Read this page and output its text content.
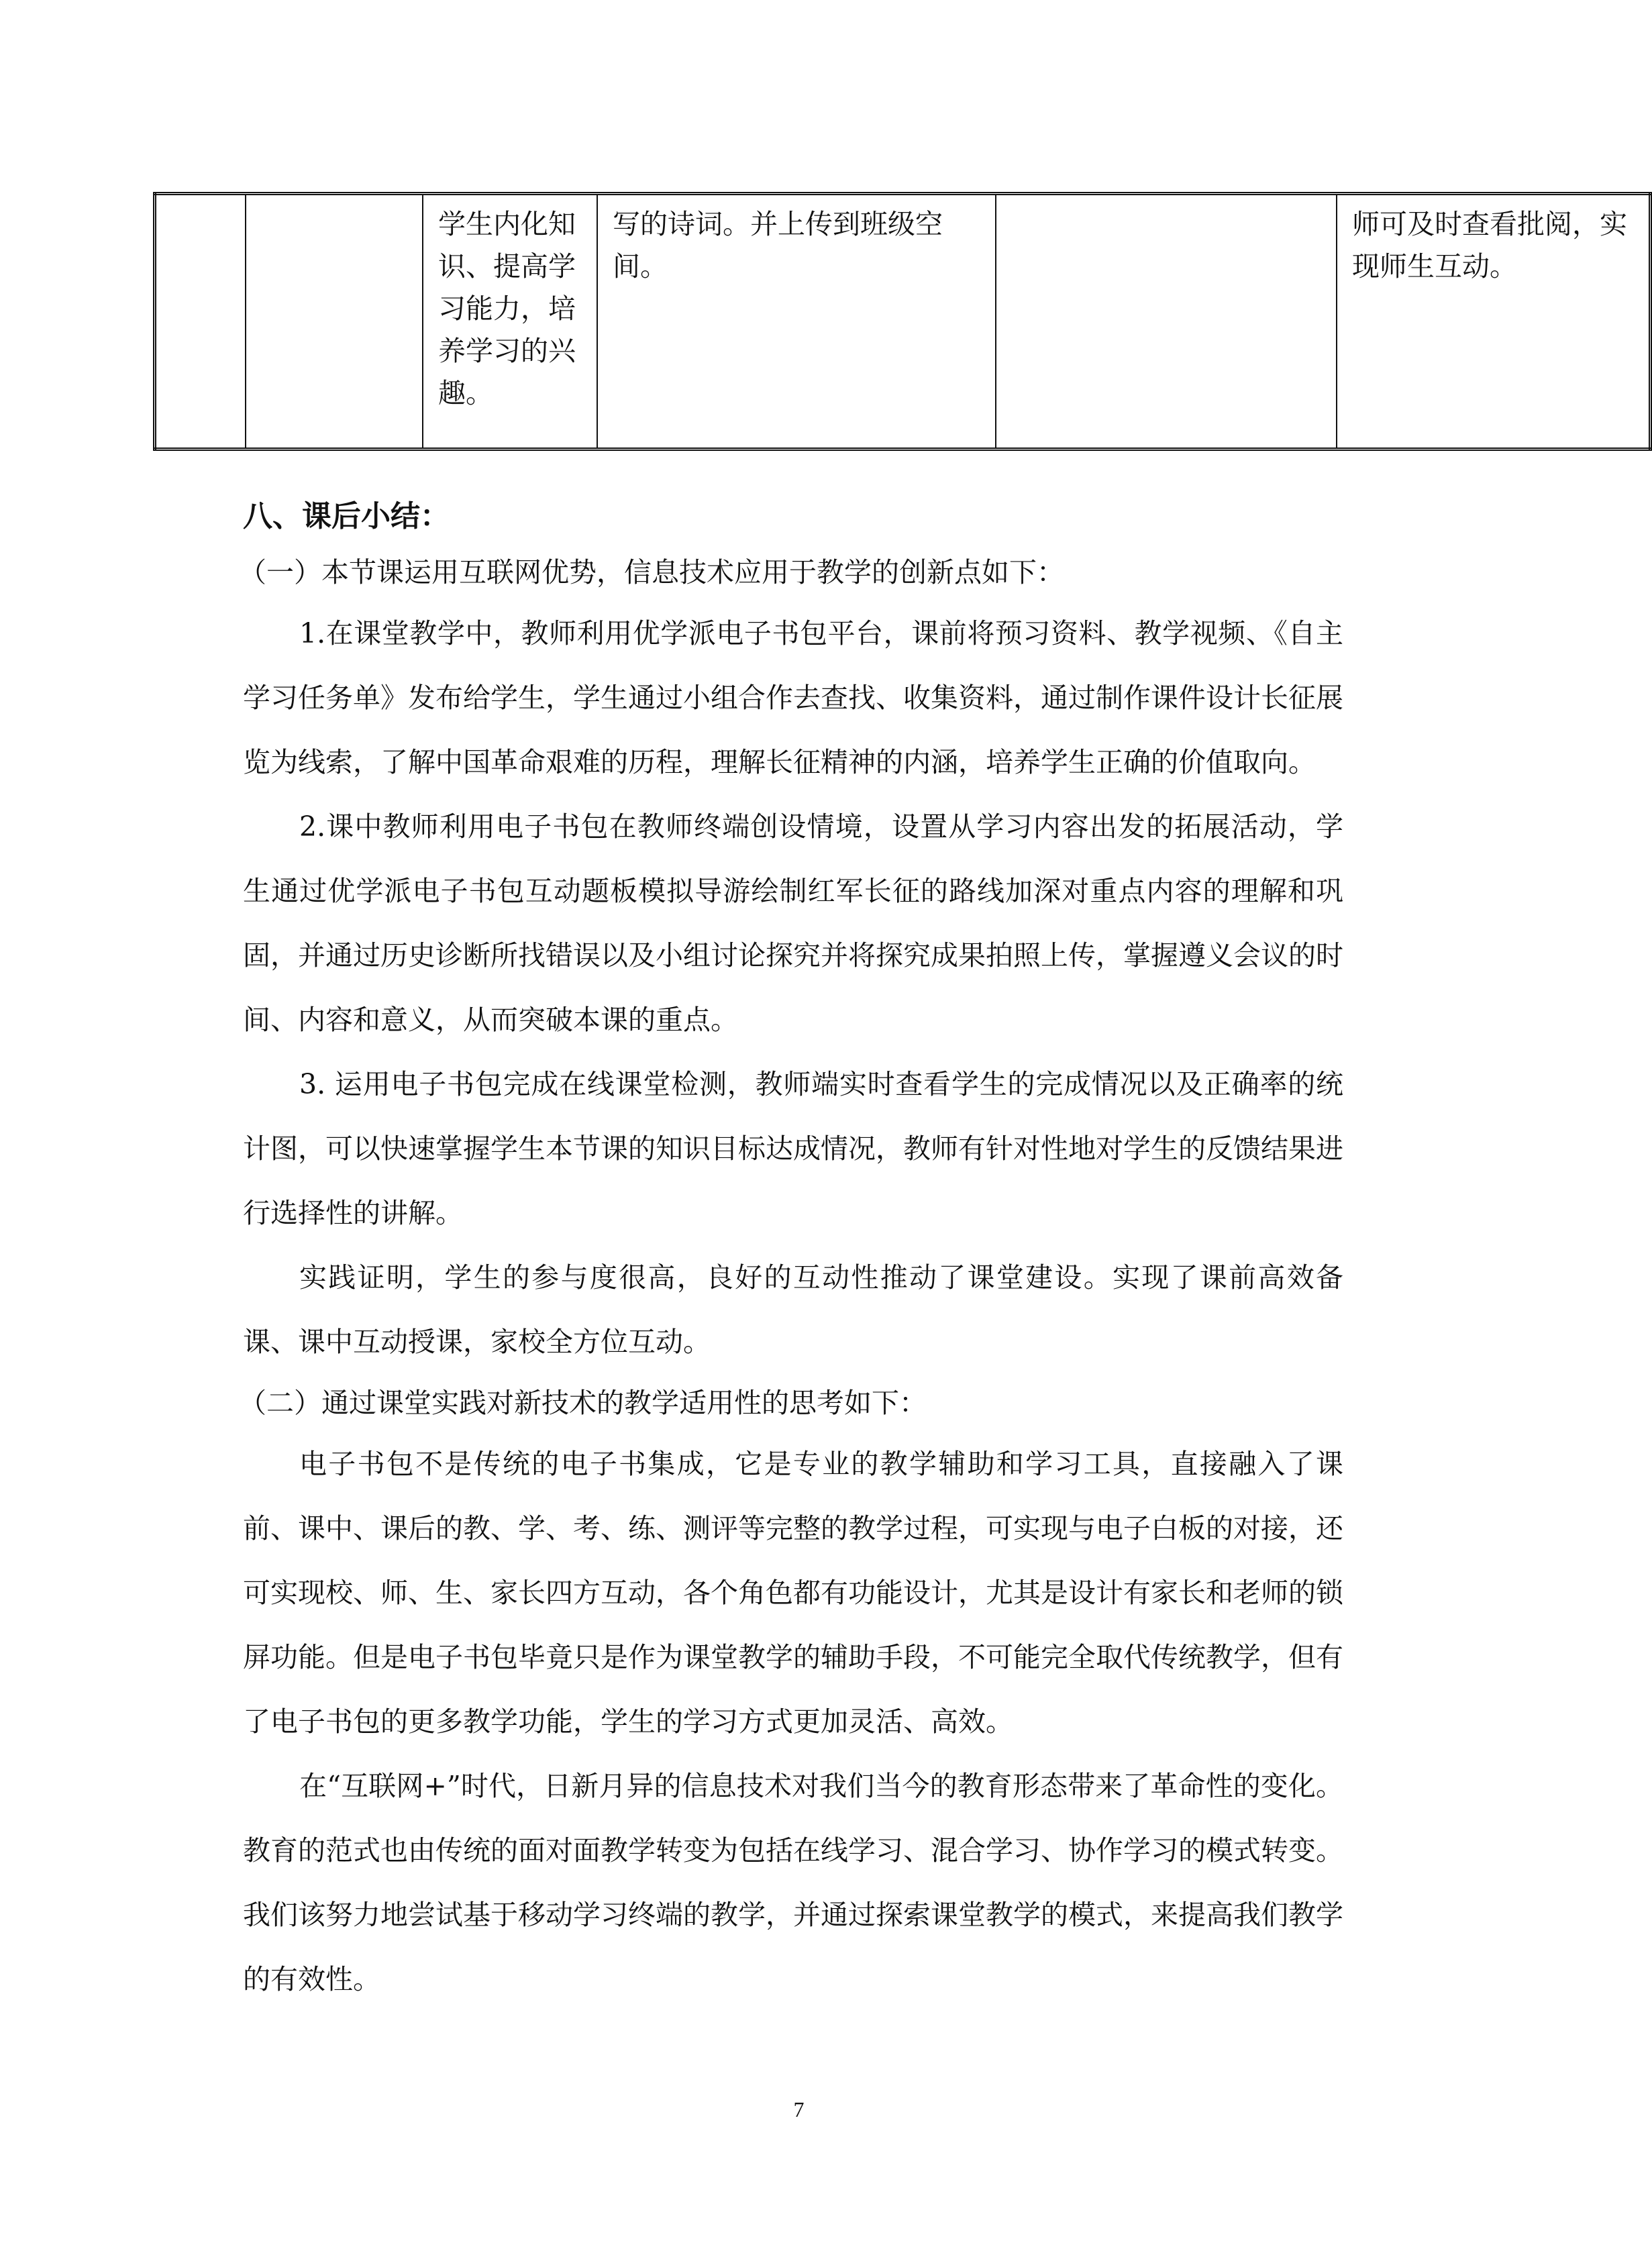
		学生内化知识、提高学习能力，培养学习的兴趣。	写的诗词。并上传到班级空间。		师可及时查看批阅，实现师生互动。
八、课后小结：

（一）本节课运用互联网优势，信息技术应用于教学的创新点如下：

1.在课堂教学中，教师利用优学派电子书包平台，课前将预习资料、教学视频、《自主学习任务单》发布给学生，学生通过小组合作去查找、收集资料，通过制作课件设计长征展览为线索，了解中国革命艰难的历程，理解长征精神的内涵，培养学生正确的价值取向。

2.课中教师利用电子书包在教师终端创设情境，设置从学习内容出发的拓展活动，学生通过优学派电子书包互动题板模拟导游绘制红军长征的路线加深对重点内容的理解和巩固，并通过历史诊断所找错误以及小组讨论探究并将探究成果拍照上传，掌握遵义会议的时间、内容和意义，从而突破本课的重点。

3. 运用电子书包完成在线课堂检测，教师端实时查看学生的完成情况以及正确率的统计图，可以快速掌握学生本节课的知识目标达成情况，教师有针对性地对学生的反馈结果进行选择性的讲解。

实践证明，学生的参与度很高，良好的互动性推动了课堂建设。实现了课前高效备课、课中互动授课，家校全方位互动。

（二）通过课堂实践对新技术的教学适用性的思考如下：

电子书包不是传统的电子书集成，它是专业的教学辅助和学习工具，直接融入了课前、课中、课后的教、学、考、练、测评等完整的教学过程，可实现与电子白板的对接，还可实现校、师、生、家长四方互动，各个角色都有功能设计，尤其是设计有家长和老师的锁屏功能。但是电子书包毕竟只是作为课堂教学的辅助手段，不可能完全取代传统教学，但有了电子书包的更多教学功能，学生的学习方式更加灵活、高效。

在“互联网+”时代，日新月异的信息技术对我们当今的教育形态带来了革命性的变化。教育的范式也由传统的面对面教学转变为包括在线学习、混合学习、协作学习的模式转变。我们该努力地尝试基于移动学习终端的教学，并通过探索课堂教学的模式，来提高我们教学的有效性。

7
